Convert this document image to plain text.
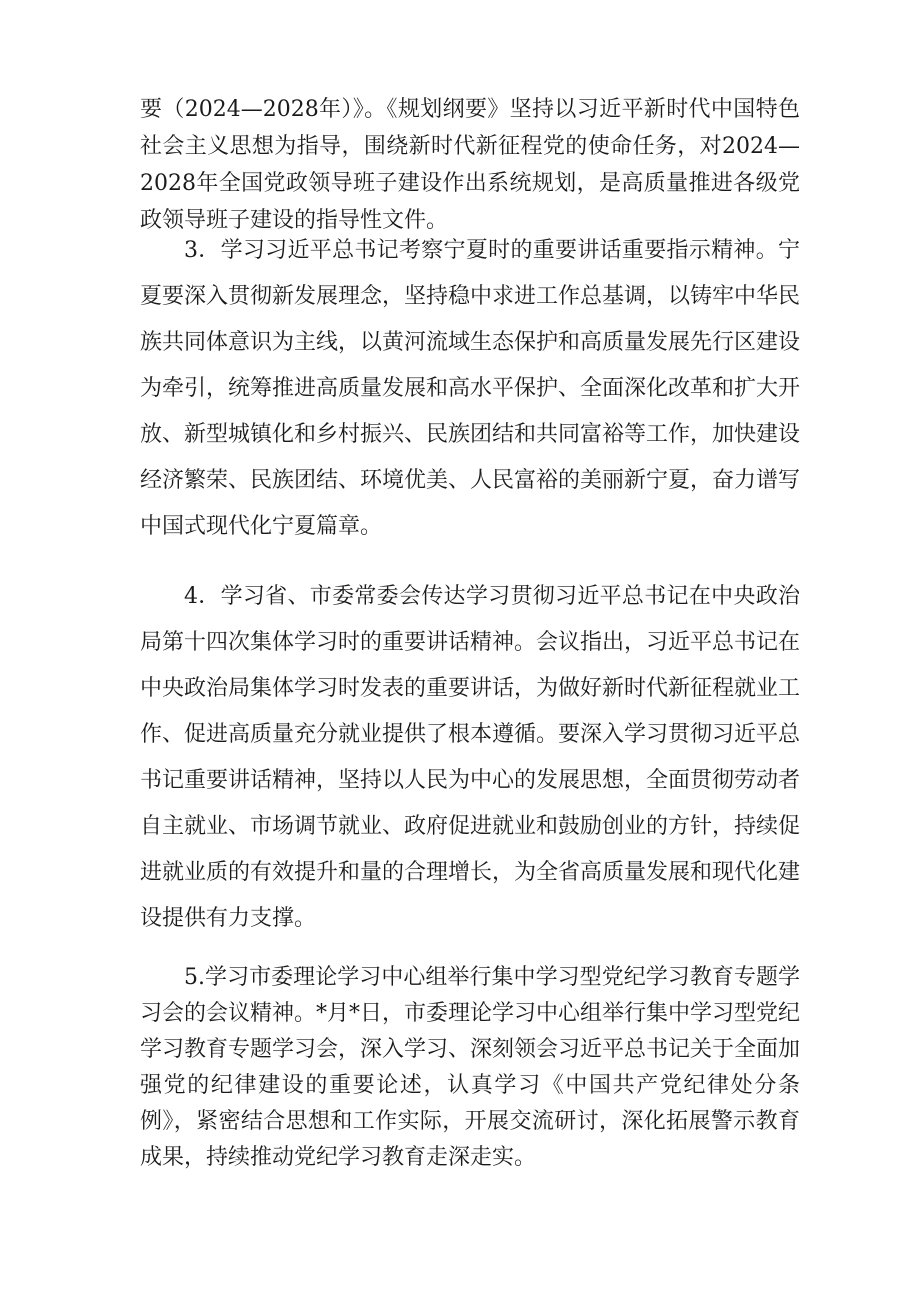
要（2024—2028年）》。《规划纲要》坚持以习近平新时代中国特色社会主义思想为指导，围绕新时代新征程党的使命任务，对2024—2028年全国党政领导班子建设作出系统规划，是高质量推进各级党政领导班子建设的指导性文件。

3．学习习近平总书记考察宁夏时的重要讲话重要指示精神。宁夏要深入贯彻新发展理念，坚持稳中求进工作总基调，以铸牢中华民族共同体意识为主线，以黄河流域生态保护和高质量发展先行区建设为牵引，统筹推进高质量发展和高水平保护、全面深化改革和扩大开放、新型城镇化和乡村振兴、民族团结和共同富裕等工作，加快建设经济繁荣、民族团结、环境优美、人民富裕的美丽新宁夏，奋力谱写中国式现代化宁夏篇章。

4．学习省、市委常委会传达学习贯彻习近平总书记在中央政治局第十四次集体学习时的重要讲话精神。会议指出，习近平总书记在中央政治局集体学习时发表的重要讲话，为做好新时代新征程就业工作、促进高质量充分就业提供了根本遵循。要深入学习贯彻习近平总书记重要讲话精神，坚持以人民为中心的发展思想，全面贯彻劳动者自主就业、市场调节就业、政府促进就业和鼓励创业的方针，持续促进就业质的有效提升和量的合理增长，为全省高质量发展和现代化建设提供有力支撑。

5.学习市委理论学习中心组举行集中学习型党纪学习教育专题学习会的会议精神。*月*日，市委理论学习中心组举行集中学习型党纪学习教育专题学习会，深入学习、深刻领会习近平总书记关于全面加强党的纪律建设的重要论述，认真学习《中国共产党纪律处分条例》，紧密结合思想和工作实际，开展交流研讨，深化拓展警示教育成果，持续推动党纪学习教育走深走实。
